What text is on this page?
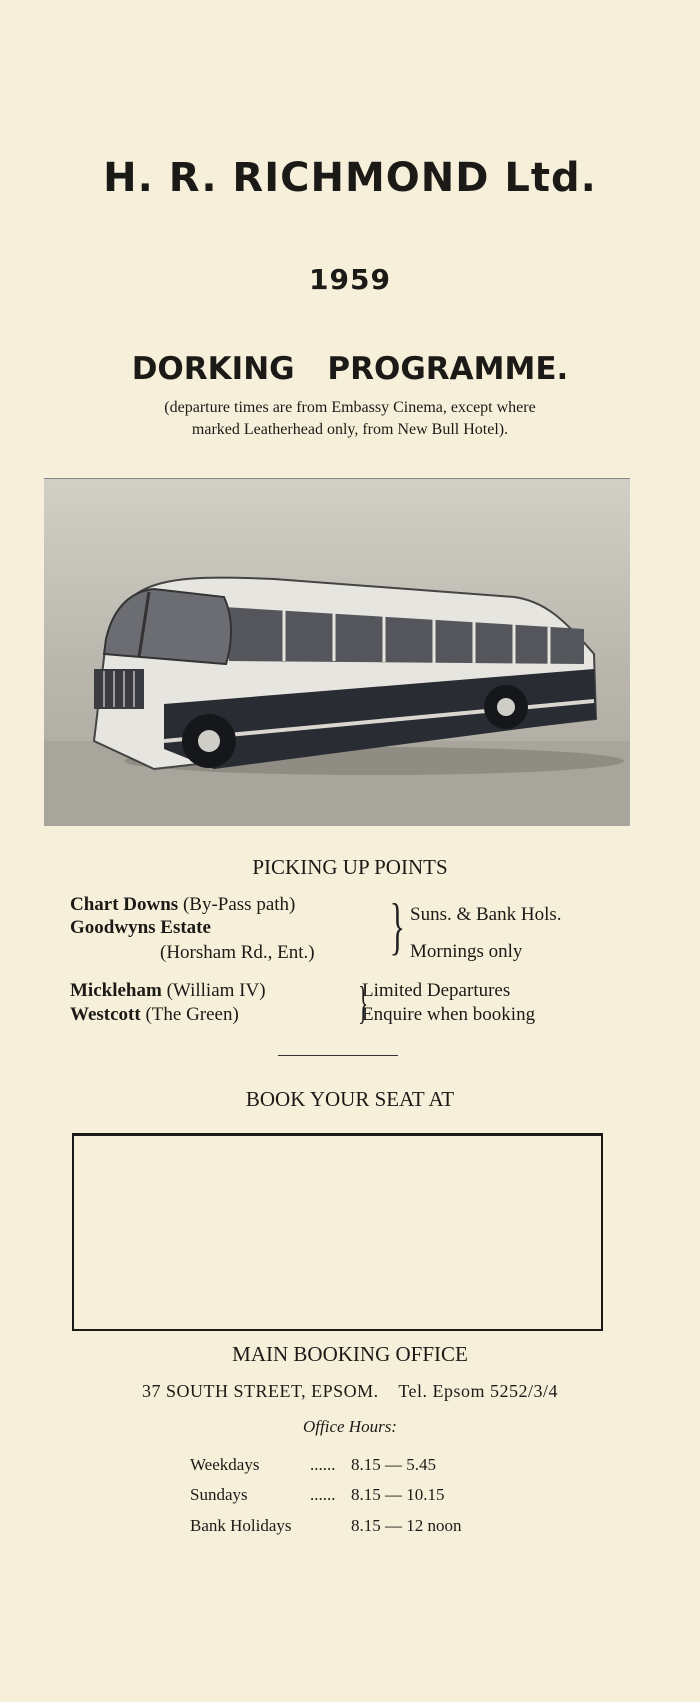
H. R. RICHMOND Ltd.
1959
DORKING PROGRAMME.
(departure times are from Embassy Cinema, except where
marked Leatherhead only, from New Bull Hotel).
PICKING UP POINTS
Chart Downs (By-Pass path)
Goodwyns Estate
(Horsham Rd., Ent.) } Suns. & Bank Hols.
Mornings only
Mickleham (William IV)
Westcott (The Green)	}
Limited Departures
Enquire when booking
BOOK YOUR SEAT AT
MAIN BOOKING OFFICE
37 SOUTH STREET, EPSOM. Tel. Epsom 5252/3/4
Office Hours:
Weekdays	...... 8.15 — 5.45
Sundays	...... 8.15 — 10.15
Bank Holidays	8.15 — 12 noon
